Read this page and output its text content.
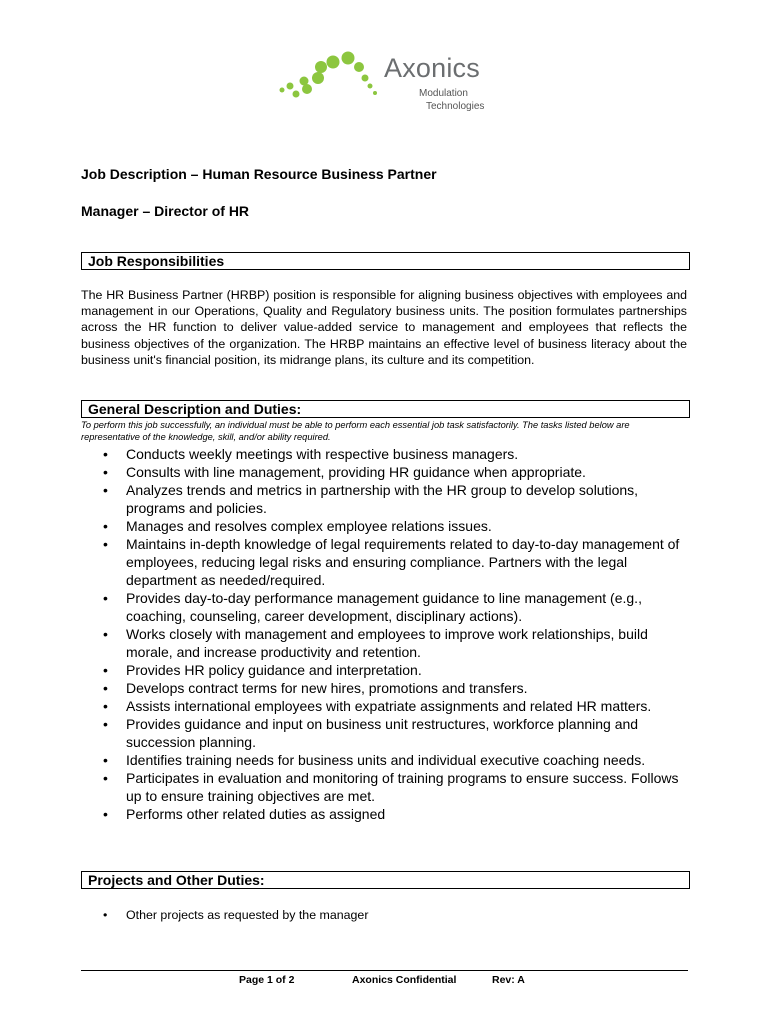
Axonics
Modulation
Technologies
Job Description – Human Resource Business Partner
Manager – Director of HR
Job Responsibilities
The HR Business Partner (HRBP) position is responsible for aligning business objectives with employees and management in our Operations, Quality and Regulatory business units. The position formulates partnerships across the HR function to deliver value-added service to management and employees that reflects the business objectives of the organization. The HRBP maintains an effective level of business literacy about the business unit's financial position, its midrange plans, its culture and its competition.
General Description and Duties:
To perform this job successfully, an individual must be able to perform each essential job task satisfactorily. The tasks listed below are representative of the knowledge, skill, and/or ability required.
• Conducts weekly meetings with respective business managers.
• Consults with line management, providing HR guidance when appropriate.
• Analyzes trends and metrics in partnership with the HR group to develop solutions, programs and policies.
• Manages and resolves complex employee relations issues.
• Maintains in-depth knowledge of legal requirements related to day-to-day management of employees, reducing legal risks and ensuring compliance. Partners with the legal department as needed/required.
• Provides day-to-day performance management guidance to line management (e.g., coaching, counseling, career development, disciplinary actions).
• Works closely with management and employees to improve work relationships, build morale, and increase productivity and retention.
• Provides HR policy guidance and interpretation.
• Develops contract terms for new hires, promotions and transfers.
• Assists international employees with expatriate assignments and related HR matters.
• Provides guidance and input on business unit restructures, workforce planning and succession planning.
• Identifies training needs for business units and individual executive coaching needs.
• Participates in evaluation and monitoring of training programs to ensure success. Follows up to ensure training objectives are met.
• Performs other related duties as assigned
Projects and Other Duties:
• Other projects as requested by the manager
Page 1 of 2	Axonics Confidential	Rev: A
